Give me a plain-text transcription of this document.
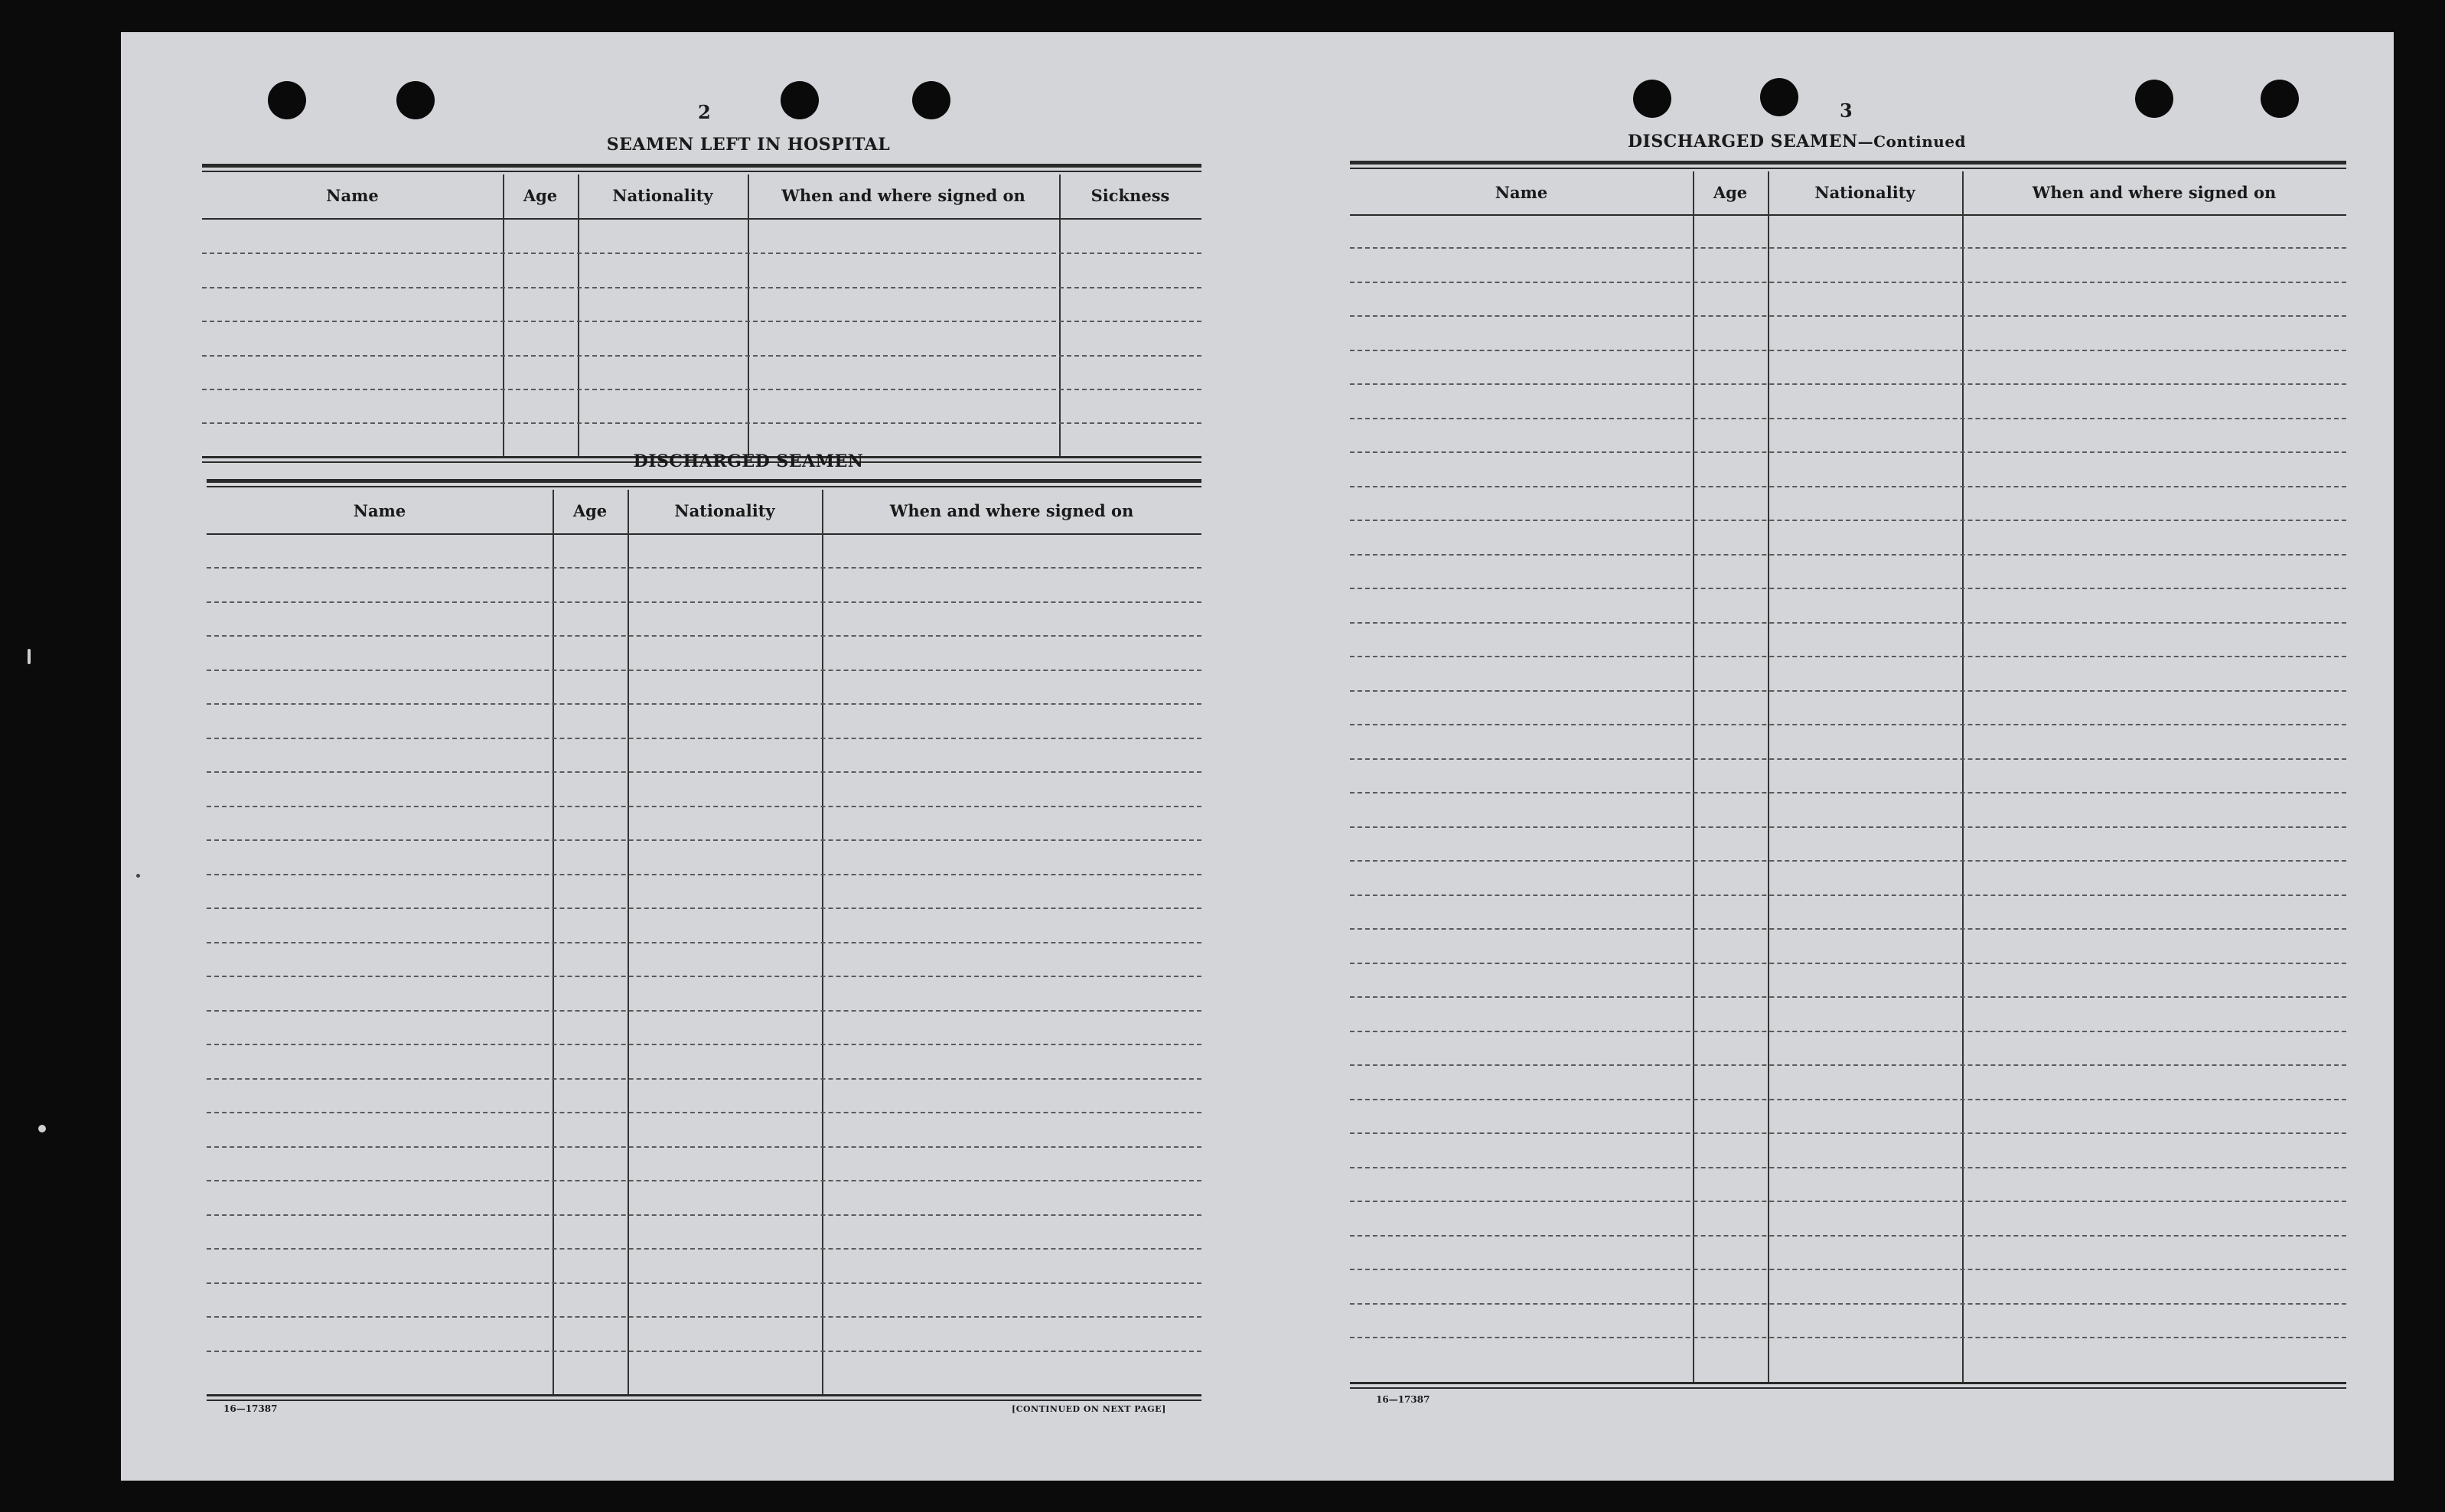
2
SEAMEN LEFT IN HOSPITAL
Name	Age	Nationality	When and where signed on	Sickness
DISCHARGED SEAMEN
Name	Age	Nationality	When and where signed on
16—17387	[CONTINUED ON NEXT PAGE]
3
DISCHARGED SEAMEN—Continued
Name	Age	Nationality	When and where signed on
16—17387
